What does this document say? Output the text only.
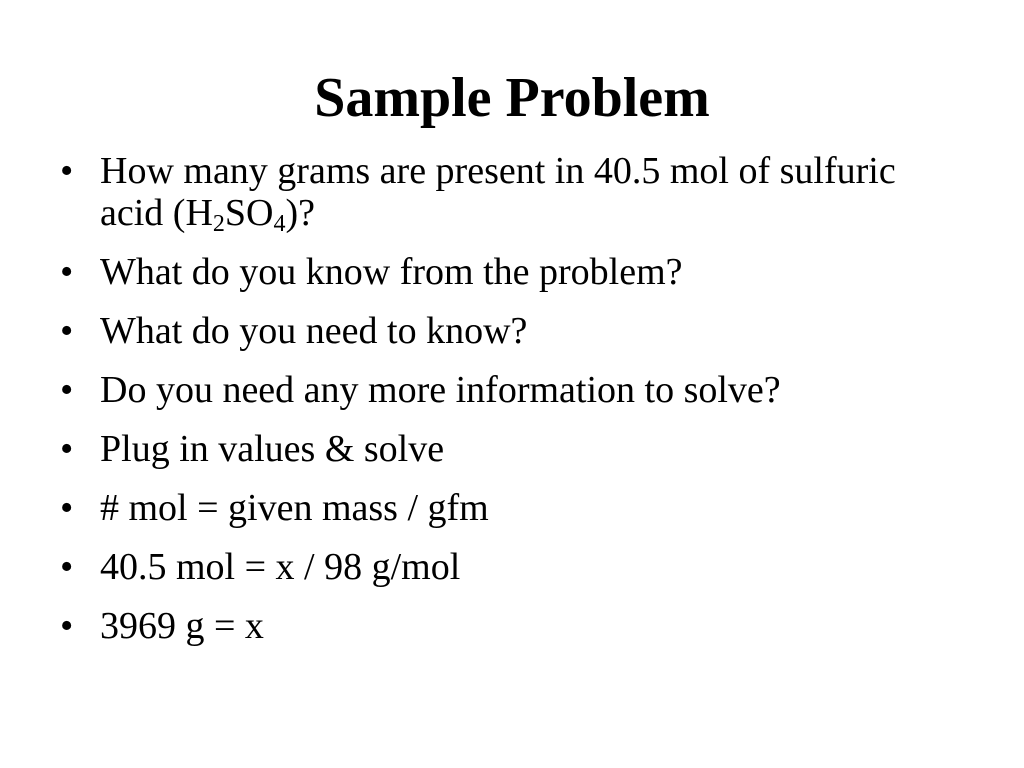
Sample Problem
• How many grams are present in 40.5 mol of sulfuric acid $(H_2SO_4)$?
• What do you know from the problem?
• What do you need to know?
• Do you need any more information to solve?
• Plug in values & solve
• # mol = given mass / gfm
• 40.5 mol = x / 98 g/mol
• 3969 g = x
